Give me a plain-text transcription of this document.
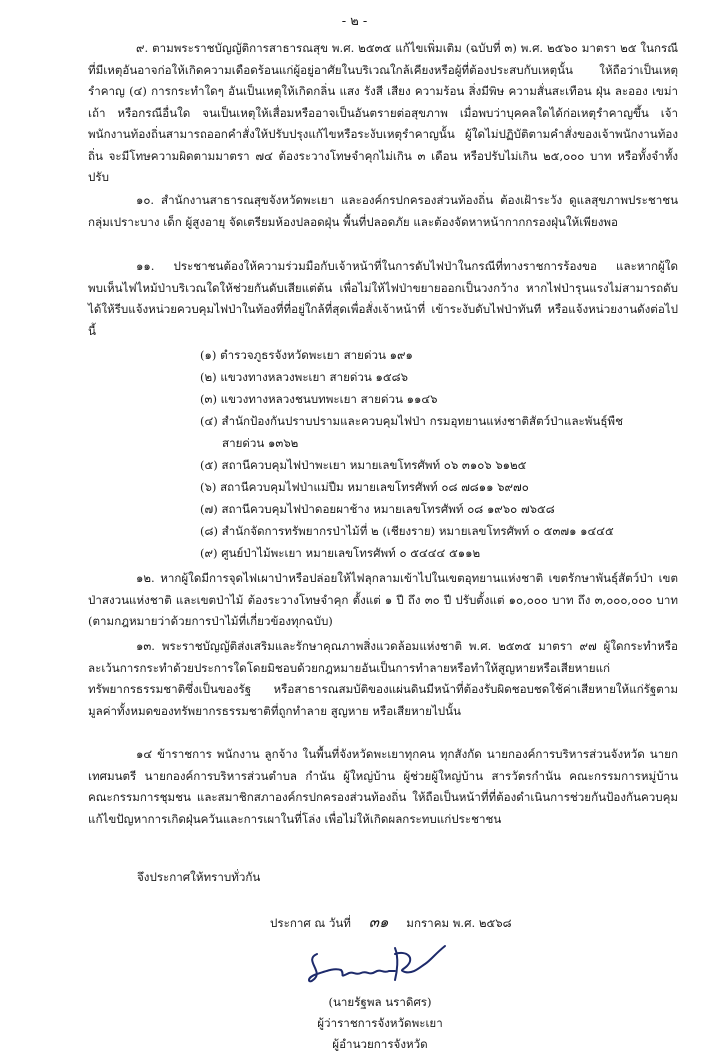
- ๒ -

๙. ตามพระราชบัญญัติการสาธารณสุข พ.ศ. ๒๕๓๕ แก้ไขเพิ่มเติม (ฉบับที่ ๓) พ.ศ. ๒๕๖๐ มาตรา ๒๕ ในกรณีที่มีเหตุอันอาจก่อให้เกิดความเดือดร้อนแก่ผู้อยู่อาศัยในบริเวณใกล้เคียงหรือผู้ที่ต้องประสบกับเหตุนั้น ให้ถือว่าเป็นเหตุรำคาญ (๔) การกระทำใดๆ อันเป็นเหตุให้เกิดกลิ่น แสง รังสี เสียง ความร้อน สิ่งมีพิษ ความสั่นสะเทือน ฝุ่น ละออง เขม่า เถ้า หรือกรณีอื่นใด จนเป็นเหตุให้เสื่อมหรืออาจเป็นอันตรายต่อสุขภาพ เมื่อพบว่าบุคคลใดได้ก่อเหตุรำคาญขึ้น เจ้าพนักงานท้องถิ่นสามารถออกคำสั่งให้ปรับปรุงแก้ไขหรือระงับเหตุรำคาญนั้น ผู้ใดไม่ปฏิบัติตามคำสั่งของเจ้าพนักงานท้องถิ่น จะมีโทษความผิดตามมาตรา ๗๔ ต้องระวางโทษจำคุกไม่เกิน ๓ เดือน หรือปรับไม่เกิน ๒๕,๐๐๐ บาท หรือทั้งจำทั้งปรับ

๑๐. สำนักงานสาธารณสุขจังหวัดพะเยา และองค์กรปกครองส่วนท้องถิ่น ต้องเฝ้าระวัง ดูแลสุขภาพประชาชน กลุ่มเปราะบาง เด็ก ผู้สูงอายุ จัดเตรียมห้องปลอดฝุ่น พื้นที่ปลอดภัย และต้องจัดหาหน้ากากกรองฝุ่นให้เพียงพอ

๑๑. ประชาชนต้องให้ความร่วมมือกับเจ้าหน้าที่ในการดับไฟป่าในกรณีที่ทางราชการร้องขอ และหากผู้ใดพบเห็นไฟไหม้ป่าบริเวณใดให้ช่วยกันดับเสียแต่ต้น เพื่อไม่ให้ไฟป่าขยายออกเป็นวงกว้าง หากไฟป่ารุนแรงไม่สามารถดับได้ให้รีบแจ้งหน่วยควบคุมไฟป่าในท้องที่ที่อยู่ใกล้ที่สุดเพื่อสั่งเจ้าหน้าที่ เข้าระงับดับไฟป่าทันที หรือแจ้งหน่วยงานดังต่อไปนี้

(๑) ตำรวจภูธรจังหวัดพะเยา สายด่วน ๑๙๑
(๒) แขวงทางหลวงพะเยา สายด่วน ๑๕๘๖
(๓) แขวงทางหลวงชนบทพะเยา สายด่วน ๑๑๔๖
(๔) สำนักป้องกันปราบปรามและควบคุมไฟป่า กรมอุทยานแห่งชาติสัตว์ป่าและพันธุ์พืช
สายด่วน ๑๓๖๒
(๕) สถานีควบคุมไฟป่าพะเยา หมายเลขโทรศัพท์ ๐๖ ๓๑๐๖ ๖๑๒๕
(๖) สถานีควบคุมไฟป่าแม่ปืม หมายเลขโทรศัพท์ ๐๘ ๗๘๑๑ ๖๙๗๐
(๗) สถานีควบคุมไฟป่าดอยผาช้าง หมายเลขโทรศัพท์ ๐๘ ๑๙๖๐ ๗๖๕๘
(๘) สำนักจัดการทรัพยากรป่าไม้ที่ ๒ (เชียงราย) หมายเลขโทรศัพท์ ๐ ๕๓๗๑ ๑๔๔๕
(๙) ศูนย์ป่าไม้พะเยา หมายเลขโทรศัพท์ ๐ ๕๔๔๔ ๕๑๑๒

๑๒. หากผู้ใดมีการจุดไฟเผาป่าหรือปล่อยให้ไฟลุกลามเข้าไปในเขตอุทยานแห่งชาติ เขตรักษาพันธุ์สัตว์ป่า เขตป่าสงวนแห่งชาติ และเขตป่าไม้ ต้องระวางโทษจำคุก ตั้งแต่ ๑ ปี ถึง ๓๐ ปี ปรับตั้งแต่ ๑๐,๐๐๐ บาท ถึง ๓,๐๐๐,๐๐๐ บาท (ตามกฎหมายว่าด้วยการป่าไม้ที่เกี่ยวข้องทุกฉบับ)

๑๓. พระราชบัญญัติส่งเสริมและรักษาคุณภาพสิ่งแวดล้อมแห่งชาติ พ.ศ. ๒๕๓๕ มาตรา ๙๗ ผู้ใดกระทำหรือละเว้นการกระทำด้วยประการใดโดยมิชอบด้วยกฎหมายอันเป็นการทำลายหรือทำให้สูญหายหรือเสียหายแก่ทรัพยากรธรรมชาติซึ่งเป็นของรัฐ หรือสาธารณสมบัติของแผ่นดินมีหน้าที่ต้องรับผิดชอบชดใช้ค่าเสียหายให้แก่รัฐตามมูลค่าทั้งหมดของทรัพยากรธรรมชาติที่ถูกทำลาย สูญหาย หรือเสียหายไปนั้น

๑๔ ข้าราชการ พนักงาน ลูกจ้าง ในพื้นที่จังหวัดพะเยาทุกคน ทุกสังกัด นายกองค์การบริหารส่วนจังหวัด นายกเทศมนตรี นายกองค์การบริหารส่วนตำบล กำนัน ผู้ใหญ่บ้าน ผู้ช่วยผู้ใหญ่บ้าน สารวัตรกำนัน คณะกรรมการหมู่บ้าน คณะกรรมการชุมชน และสมาชิกสภาองค์กรปกครองส่วนท้องถิ่น ให้ถือเป็นหน้าที่ที่ต้องดำเนินการช่วยกันป้องกันควบคุม แก้ไขปัญหาการเกิดฝุ่นควันและการเผาในที่โล่ง เพื่อไม่ให้เกิดผลกระทบแก่ประชาชน

จึงประกาศให้ทราบทั่วกัน
ประกาศ ณ วันที่ ๓๑ มกราคม พ.ศ. ๒๕๖๘
(นายรัฐพล นราดิศร)
ผู้ว่าราชการจังหวัดพะเยา
ผู้อำนวยการจังหวัด
